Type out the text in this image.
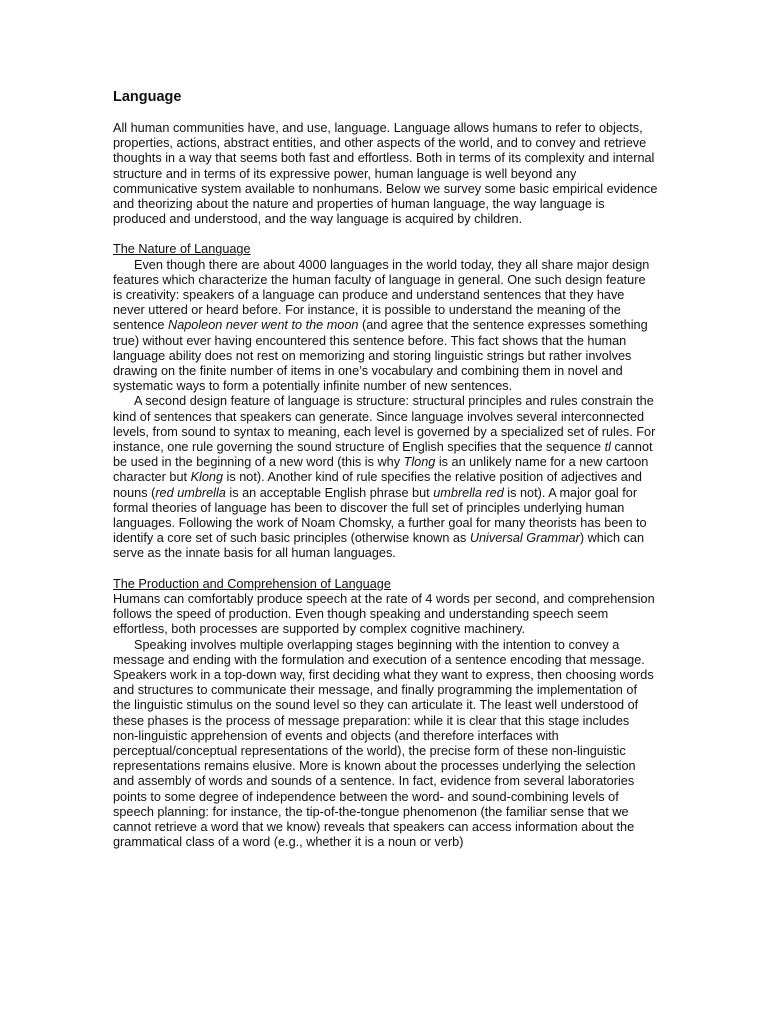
Language

All human communities have, and use, language. Language allows humans to refer to objects, properties, actions, abstract entities, and other aspects of the world, and to convey and retrieve thoughts in a way that seems both fast and effortless. Both in terms of its complexity and internal structure and in terms of its expressive power, human language is well beyond any communicative system available to nonhumans. Below we survey some basic empirical evidence and theorizing about the nature and properties of human language, the way language is produced and understood, and the way language is acquired by children.

The Nature of Language

Even though there are about 4000 languages in the world today, they all share major design features which characterize the human faculty of language in general. One such design feature is creativity: speakers of a language can produce and understand sentences that they have never uttered or heard before. For instance, it is possible to understand the meaning of the sentence Napoleon never went to the moon (and agree that the sentence expresses something true) without ever having encountered this sentence before. This fact shows that the human language ability does not rest on memorizing and storing linguistic strings but rather involves drawing on the finite number of items in one’s vocabulary and combining them in novel and systematic ways to form a potentially infinite number of new sentences.

A second design feature of language is structure: structural principles and rules constrain the kind of sentences that speakers can generate. Since language involves several interconnected levels, from sound to syntax to meaning, each level is governed by a specialized set of rules. For instance, one rule governing the sound structure of English specifies that the sequence tl cannot be used in the beginning of a new word (this is why Tlong is an unlikely name for a new cartoon character but Klong is not). Another kind of rule specifies the relative position of adjectives and nouns (red umbrella is an acceptable English phrase but umbrella red is not). A major goal for formal theories of language has been to discover the full set of principles underlying human languages. Following the work of Noam Chomsky, a further goal for many theorists has been to identify a core set of such basic principles (otherwise known as Universal Grammar) which can serve as the innate basis for all human languages.

The Production and Comprehension of Language

Humans can comfortably produce speech at the rate of 4 words per second, and comprehension follows the speed of production. Even though speaking and understanding speech seem effortless, both processes are supported by complex cognitive machinery.

Speaking involves multiple overlapping stages beginning with the intention to convey a message and ending with the formulation and execution of a sentence encoding that message. Speakers work in a top-down way, first deciding what they want to express, then choosing words and structures to communicate their message, and finally programming the implementation of the linguistic stimulus on the sound level so they can articulate it. The least well understood of these phases is the process of message preparation: while it is clear that this stage includes non-linguistic apprehension of events and objects (and therefore interfaces with perceptual/conceptual representations of the world), the precise form of these non-linguistic representations remains elusive. More is known about the processes underlying the selection and assembly of words and sounds of a sentence. In fact, evidence from several laboratories points to some degree of independence between the word- and sound-combining levels of speech planning: for instance, the tip-of-the-tongue phenomenon (the familiar sense that we cannot retrieve a word that we know) reveals that speakers can access information about the grammatical class of a word (e.g., whether it is a noun or verb)
